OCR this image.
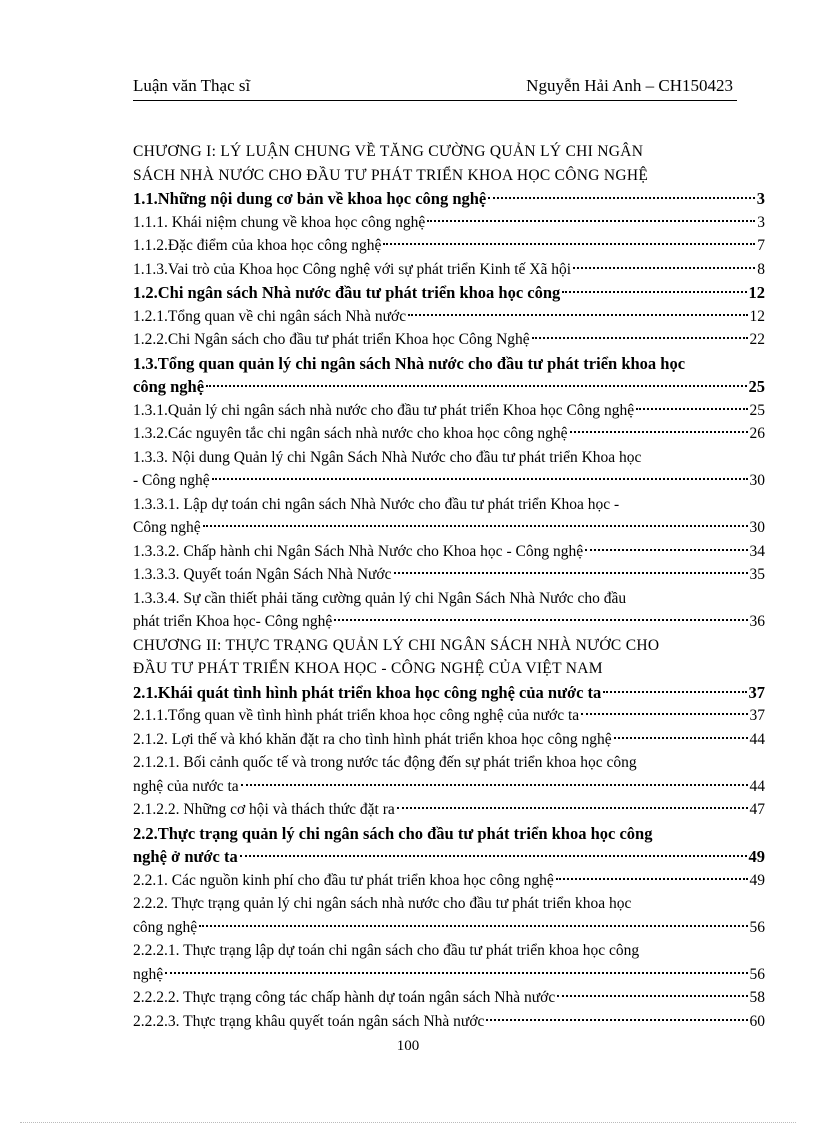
Luận văn Thạc sĩ	Nguyễn Hải Anh – CH150423
CHƯƠNG I: LÝ LUẬN CHUNG VỀ TĂNG CƯỜNG QUẢN LÝ CHI NGÂN
SÁCH NHÀ NƯỚC CHO ĐẦU TƯ PHÁT TRIỂN KHOA HỌC CÔNG NGHỆ
1.1.Những nội dung cơ bản về khoa học công nghệ	3
1.1.1. Khái niệm chung về khoa học công nghệ	3
1.1.2.Đặc điểm của khoa học công nghệ	7
1.1.3.Vai trò của Khoa học Công nghệ với sự phát triển Kinh tế Xã hội	8
1.2.Chi ngân sách Nhà nước đầu tư phát triển khoa học công	12
1.2.1.Tổng quan về chi ngân sách Nhà nước	12
1.2.2.Chi Ngân sách cho đầu tư phát triển Khoa học Công Nghệ	22
1.3.Tổng quan quản lý chi ngân sách Nhà nước cho đầu tư phát triển khoa học
công nghệ	25
1.3.1.Quản lý chi ngân sách nhà nước cho đầu tư phát triển Khoa học Công nghệ	25
1.3.2.Các nguyên tắc chi ngân sách nhà nước cho khoa học công nghệ	26
1.3.3. Nội dung Quản lý chi Ngân Sách Nhà Nước cho đầu tư phát triển Khoa học
- Công nghệ	30
1.3.3.1. Lập dự toán chi ngân sách Nhà Nước cho đầu tư phát triển Khoa học -
Công nghệ	30
1.3.3.2. Chấp hành chi Ngân Sách Nhà Nước cho Khoa học - Công nghệ	34
1.3.3.3. Quyết toán Ngân Sách Nhà Nước	35
1.3.3.4. Sự cần thiết phải tăng cường quản lý chi Ngân Sách Nhà Nước cho đầu
phát triển Khoa học- Công nghệ	36
CHƯƠNG II: THỰC TRẠNG QUẢN LÝ CHI NGÂN SÁCH NHÀ NƯỚC CHO
ĐẦU TƯ PHÁT TRIỂN KHOA HỌC - CÔNG NGHỆ CỦA VIỆT NAM
2.1.Khái quát tình hình phát triển khoa học công nghệ của nước ta	37
2.1.1.Tổng quan về tình hình phát triển khoa học công nghệ của nước ta	37
2.1.2. Lợi thế và khó khăn đặt ra cho tình hình phát triển khoa học công nghệ	44
2.1.2.1. Bối cảnh quốc tế và trong nước tác động đến sự phát triển khoa học công
nghệ của nước ta	44
2.1.2.2. Những cơ hội và thách thức đặt ra	47
2.2.Thực trạng quản lý chi ngân sách cho đầu tư phát triển khoa học công
nghệ ở nước ta	49
2.2.1. Các nguồn kinh phí cho đầu tư phát triển khoa học công nghệ	49
2.2.2. Thực trạng quản lý chi ngân sách nhà nước cho đầu tư phát triển khoa học
công nghệ	56
2.2.2.1. Thực trạng lập dự toán chi ngân sách cho đầu tư phát triển khoa học công
nghệ	56
2.2.2.2. Thực trạng công tác chấp hành dự toán ngân sách Nhà nước	58
2.2.2.3. Thực trạng khâu quyết toán ngân sách Nhà nước	60
100
